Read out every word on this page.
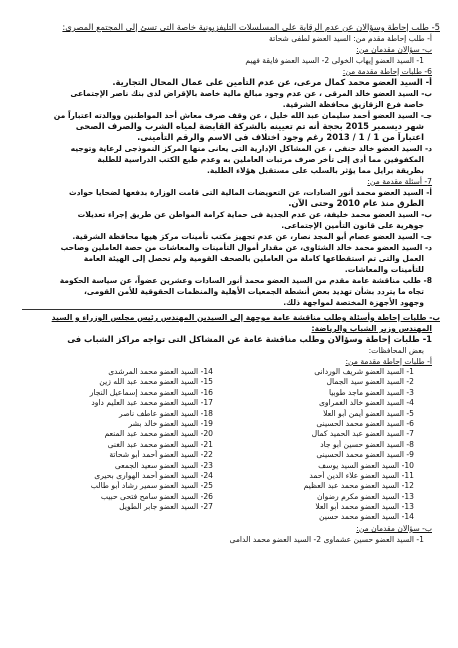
5- طلب إحاطة وسؤالان عن عدم الرقابة على المسلسلات التليفزيونية خاصة التى تسئ إلى المجتمع المصرى:
أ- طلب إحاطة مقدم من: السيد العضو لطفى شحاتة
ب- سؤالان مقدمان من:
1- السيد العضو إيهاب الخولى 2- السيد العضو فايقة فهيم
6- طلبات إحاطة مقدمة من:
أ- السيد العضو محمد كمال مرعى، عن عدم التأمين على عمال المحال التجارية.
ب- السيد العضو خالد المرقى ، عن عدم وجود مبالغ مالية خاصة بالإقراض لدى بنك ناصر الإجتماعى
خاصة فرع الزقازيق محافظة الشرقية.
جـ- السيد العضو أحمد سليمان عبد الله خليل ، عن وقف صرف معاش أحد المواطنين ووالدته اعتباراً من
شهر ديسمبر 2015 بحجة أنه تم تعيينه بالشركة القابضة لمياه الشرب والصرف الصحى
اعتباراً من 1 / 1 / 2013 رغم وجود اختلاف فى الاسم والرقم التأمينى.
د- السيد العضو خالد حنفى ، عن المشاكل الإدارية التى يعانى منها المركز النموذجى لرعاية وتوجيه
المكفوفين مما أدى إلى تأخر صرف مرتبات العاملين به وعدم طبع الكتب الدراسية للطلبة
بطريقة برايل مما يؤثر بالسلب على مستقبل هؤلاء الطلبة.
7- أسئلة مقدمة من:
أ- السيد العضو محمد أنور السادات، عن التعويضات المالية التى قامت الوزارة بدفعها لضحايا حوادث
الطرق منذ عام 2010 وحتى الآن.
ب- السيد العضو محمد خليفة، عن عدم الجدية فى حماية كرامة المواطن عن طريق إجراء تعديلات
جوهرية على قانون التأمين الإجتماعى.
جـ- السيد العضو عصام أبو المجد نصار، عن عدم تجهيز مكتب تأمينات مركز هيها محافظة الشرقية.
د- السيد العضو محمد خالد الشثاوى، عن مقدار أموال التأمينات والمعاشات من حصة العاملين وصاحب
العمل والتى تم استقطاعها كاملة من العاملين بالصحف القومية ولم تحصل إلى الهيئة العامة
للتأمينات والمعاشات.
8- طلب مناقشة عامة مقدم من السيد العضو محمد أنور السادات وعشرين عضواً، عن سياسة الحكومة
تجاه ما يتردد بشأن تهديد بعض أنشطة الجمعيات الأهلية والمنظمات الحقوقية للأمن القومى،
وجهود الأجهزة المختصة لمواجهة ذلك.
ب- طلبات إحاطة وأسئلة وطلب مناقشة عامة موجهة إلى السيدين المهندس رئيس مجلس الوزراء و السيد
المهندس وزير الشباب والرياضة:
1- طلبات إحاطة وسؤالان وطلب مناقشة عامة عن المشاكل التى تواجه مراكز الشباب فى
بعض المحافظات:
أ- طلبات إحاطة مقدمة من:
1- السيد العضو شريف الوردانى
14- السيد العضو محمد المرشدى
2- السيد العضو سيد الجمال
15- السيد العضو محمد عبد الله زين
3- السيد العضو ماجد طوبيا
16- السيد العضو محمد إسماعيل النجار
4- السيد العضو خالد الغمراوى
17- السيد العضو محمد عبد العليم داود
5- السيد العضو أيمن أبو العلا
18- السيد العضو عاطف ناصر
6- السيد العضو محمد الحسينى
19- السيد العضو خالد بشر
7- السيد العضو عبد الحميد كمال
20- السيد العضو محمد عبد المنعم
8- السيد العضو حسين أبو جاد
21- السيد العضو محمد عبد الغنى
9- السيد العضو محمد الحسينى
22- السيد العضو أحمد أبو شحاتة
10- السيد العضو السيد يوسف
23- السيد العضو سعيد الجمعى
11- السيد العضو علاء الدين أحمد
24- السيد العضو أحمد الهوارى بحيرى
12- السيد العضو محمد عبد العظيم
25- السيد العضو سمير رشاد أبو طالب
13- السيد العضو مكرم رضوان
26- السيد العضو سامح فتحى حبيب
13- السيد العضو محمد أبو العلا
27- السيد العضو جابر الطويل
14- السيد العضو محمد حسين
ب- سؤالان مقدمان من:
1- السيد العضو حسين عشماوى 2- السيد العضو محمد الدامى
